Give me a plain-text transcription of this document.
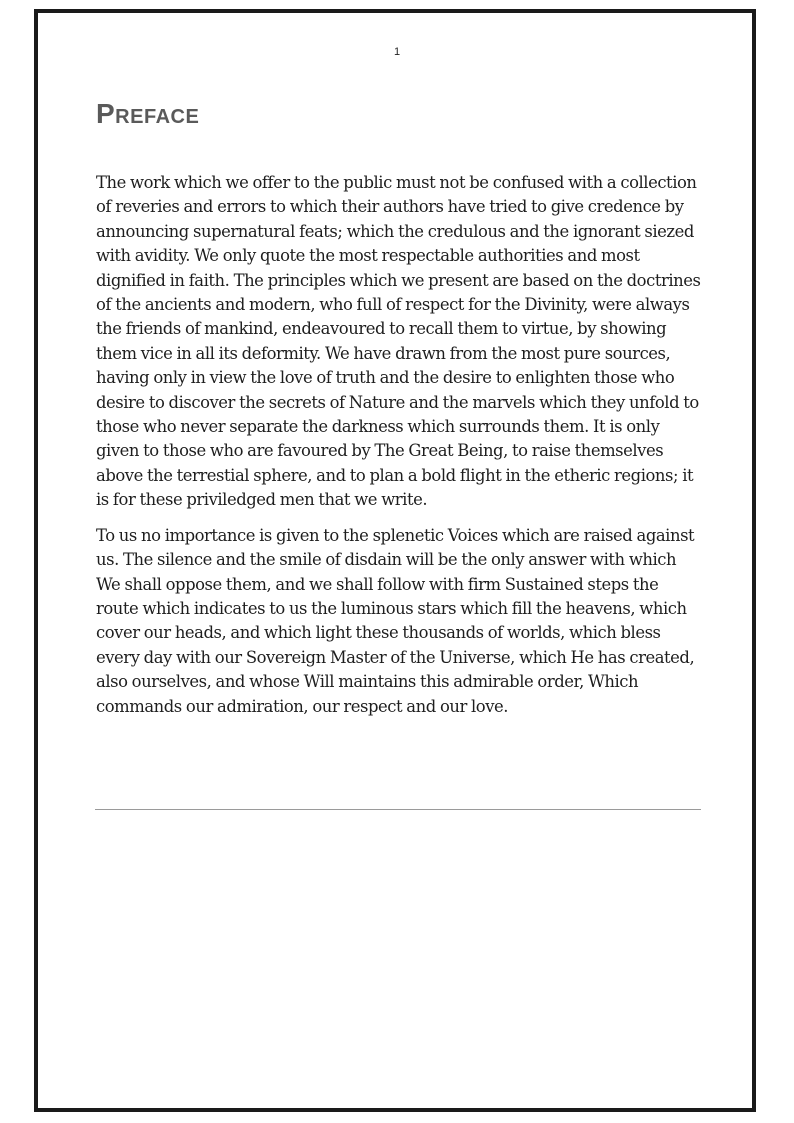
1
Preface

The work which we offer to the public must not be confused with a collection of reveries and errors to which their authors have tried to give credence by announcing supernatural feats; which the credulous and the ignorant siezed with avidity. We only quote the most respectable authorities and most dignified in faith. The principles which we present are based on the doctrines of the ancients and modern, who full of respect for the Divinity, were always the friends of mankind, endeavoured to recall them to virtue, by showing them vice in all its deformity. We have drawn from the most pure sources, having only in view the love of truth and the desire to enlighten those who desire to discover the secrets of Nature and the marvels which they unfold to those who never separate the darkness which surrounds them. It is only given to those who are favoured by The Great Being, to raise themselves above the terrestial sphere, and to plan a bold flight in the etheric regions; it is for these priviledged men that we write.

To us no importance is given to the splenetic Voices which are raised against us. The silence and the smile of disdain will be the only answer with which We shall oppose them, and we shall follow with firm Sustained steps the route which indicates to us the luminous stars which fill the heavens, which cover our heads, and which light these thousands of worlds, which bless every day with our Sovereign Master of the Universe, which He has created, also ourselves, and whose Will maintains this admirable order, Which commands our admiration, our respect and our love.
